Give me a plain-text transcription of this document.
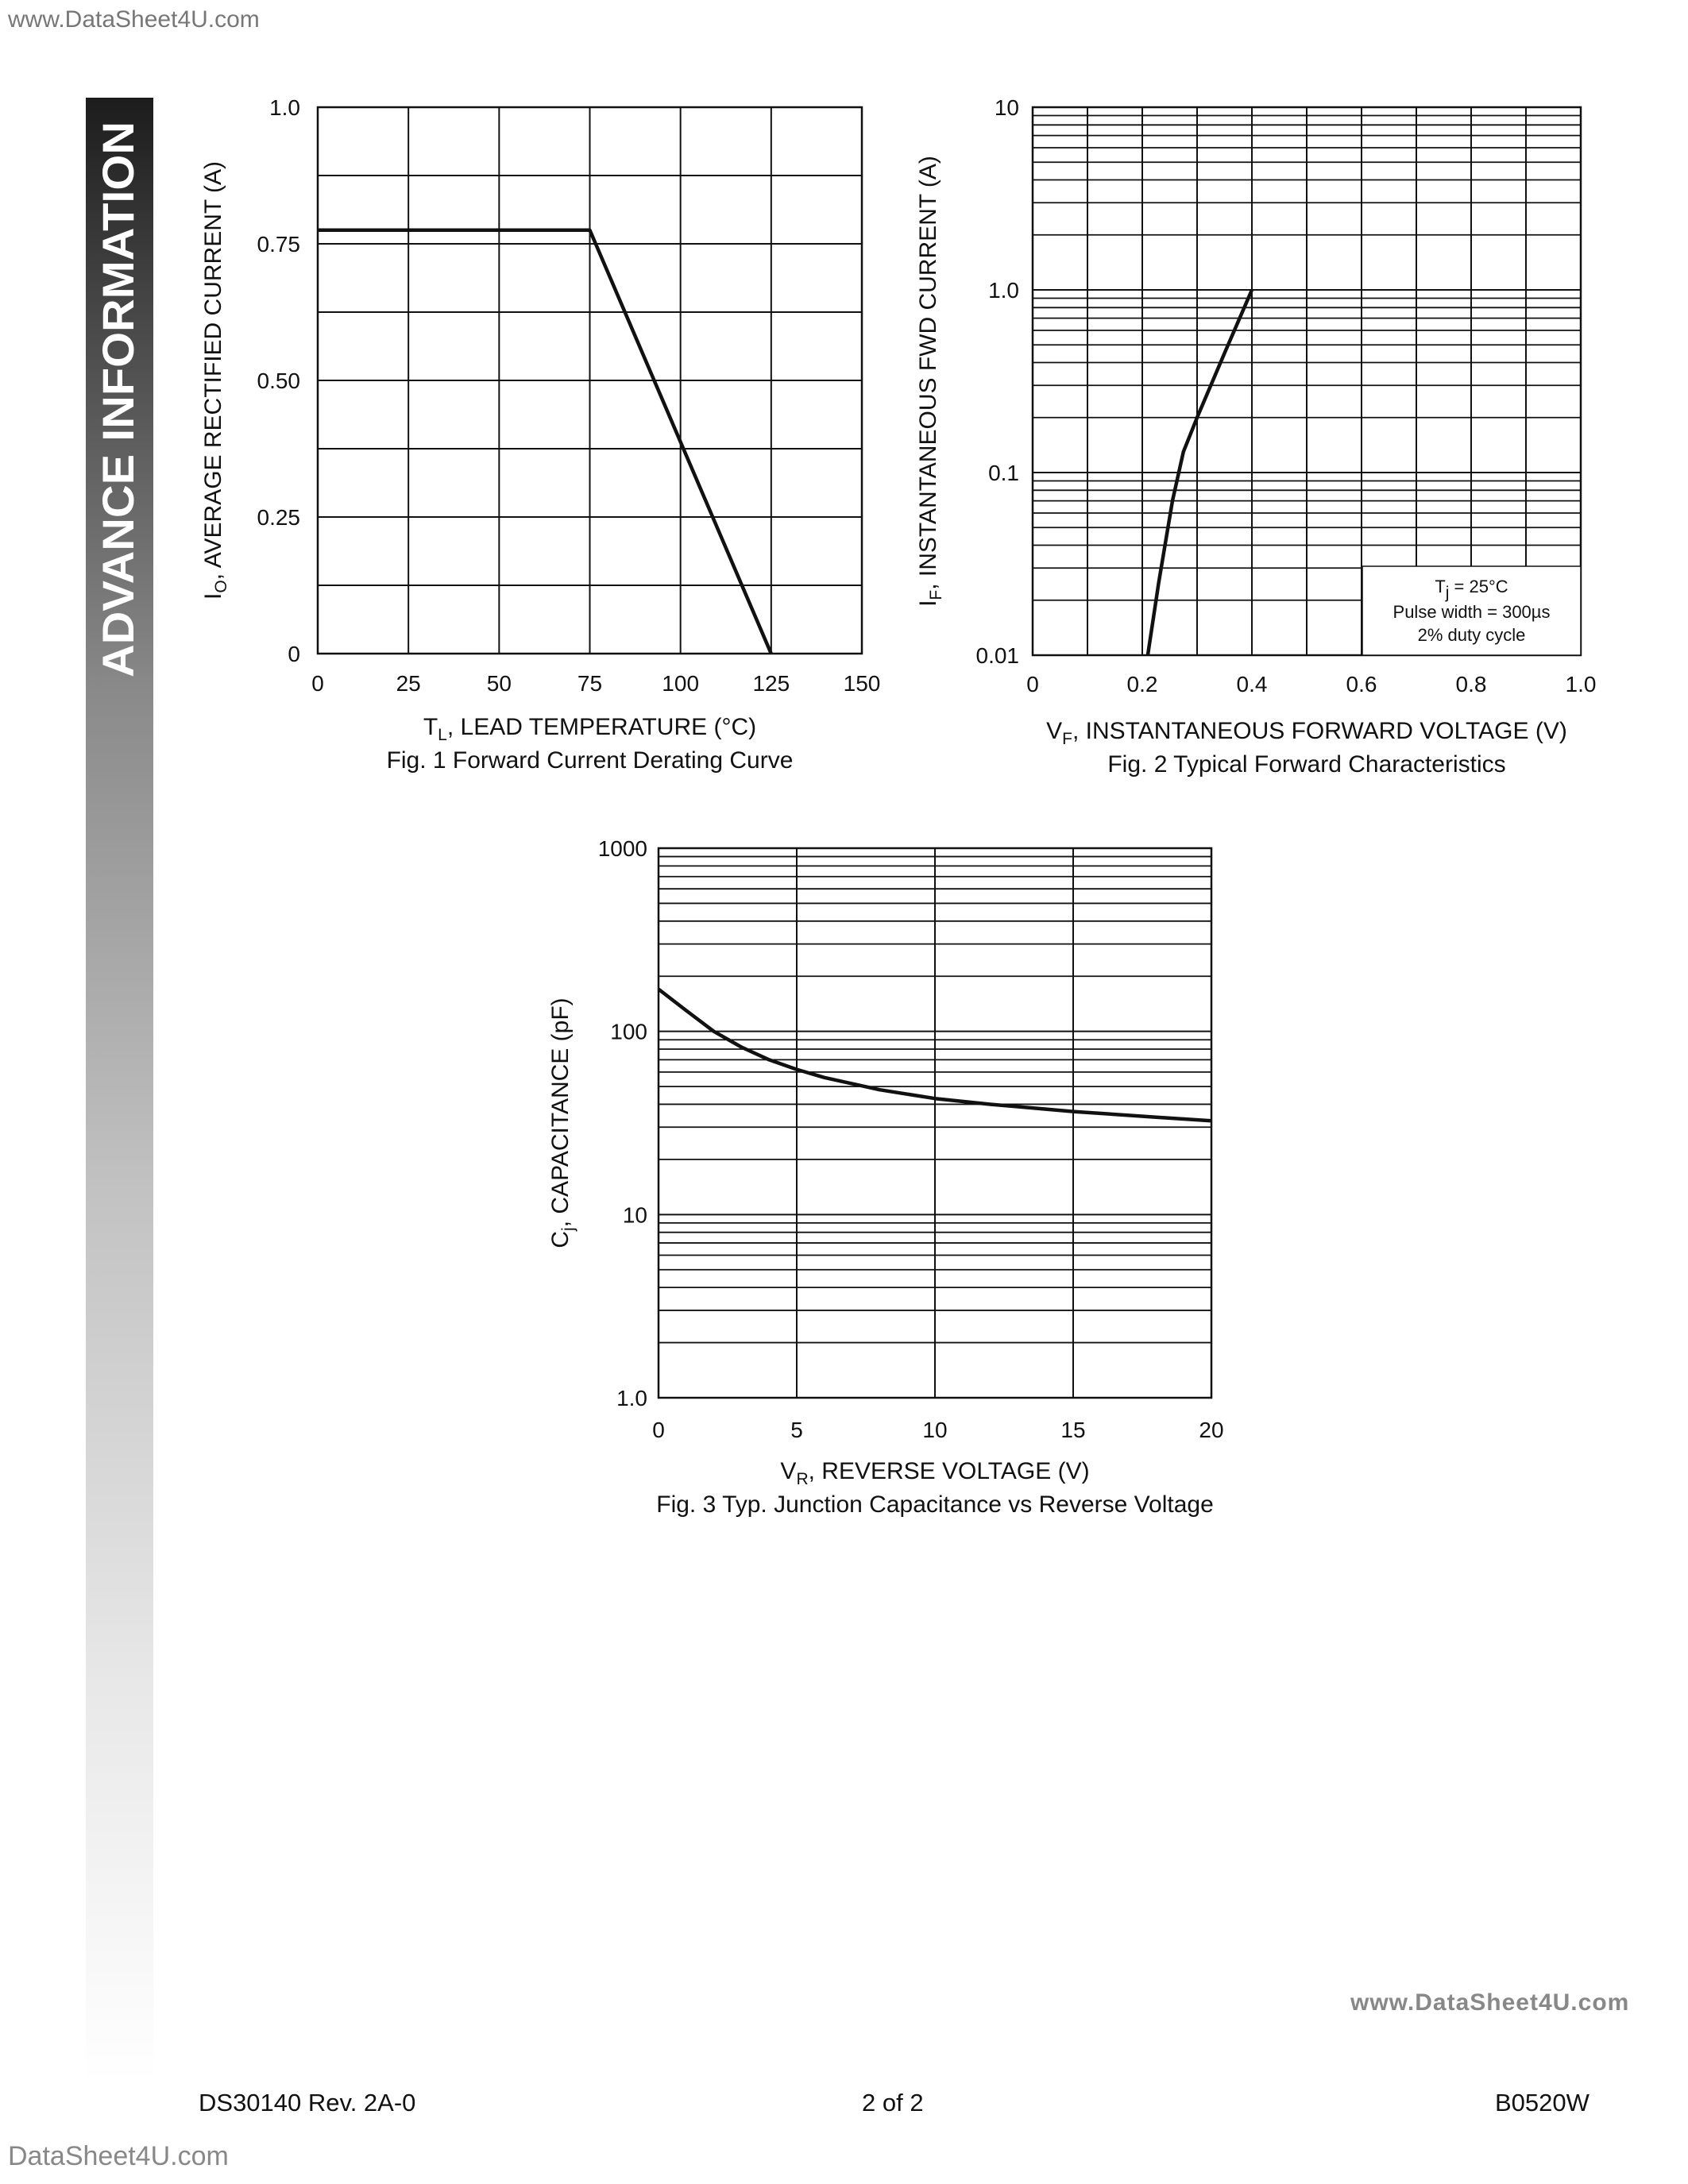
www.DataSheet4U.com
ADVANCE INFORMATION
0	25	50	75	100 125 150
0
0.25
0.50
0.75
1.0
$T_L$, LEAD TEMPERATURE (°C)
$I_O$, AVERAGE RECTIFIED CURRENT (A)
Fig. 1 Forward Current Derating Curve
0	0.2	0.4	0.6	0.8	1.0
0.01
0.1
1.0
10
$V_F$, INSTANTANEOUS FORWARD VOLTAGE (V)
$I_F$, INSTANTANEOUS FWD CURRENT (A)
Fig. 2 Typical Forward Characteristics
Tj = 25°C
Pulse width = 300µs
2% duty cycle
0	5	10	15	20
1.0
10
100
1000
$V_R$, REVERSE VOLTAGE (V)
$C_j$, CAPACITANCE (pF)
Fig. 3 Typ. Junction Capacitance vs Reverse Voltage
www.DataSheet4U.com
DS30140 Rev. 2A-0	2 of 2	B0520W
DataSheet4U.com
